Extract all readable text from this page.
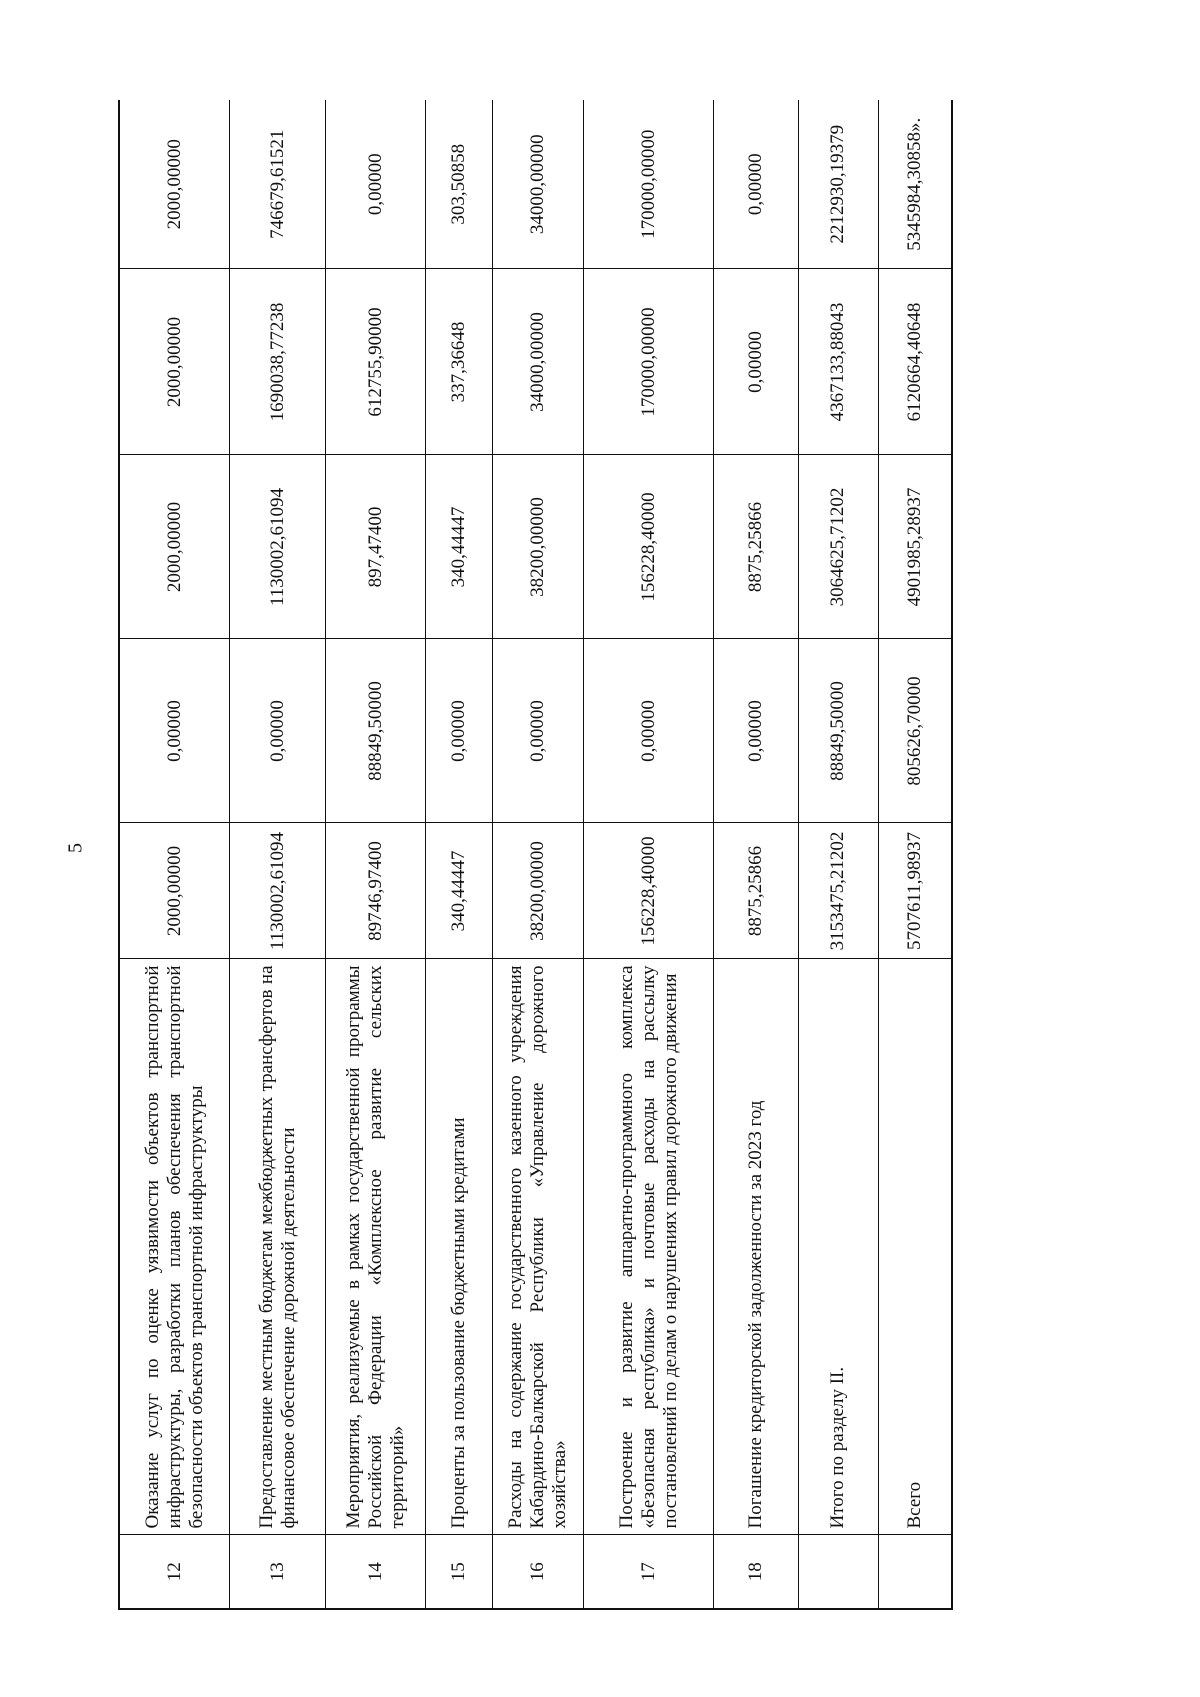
5
12	Оказание услуг по оценке уязвимости объектов транспортной инфраструктуры, разработки планов обеспечения транспортной безопасности объектов транспортной инфраструктуры	2000,00000	0,00000	2000,00000	2000,00000	2000,00000
13	Предоставление местным бюджетам межбюджетных трансфертов на финансовое обеспечение дорожной деятельности	1130002,61094	0,00000	1130002,61094	1690038,77238	746679,61521
14	Мероприятия, реализуемые в рамках государственной программы Российской Федерации «Комплексное развитие сельских территорий»	89746,97400	88849,50000	897,47400	612755,90000	0,00000
15	Проценты за пользование бюджетными кредитами	340,44447	0,00000	340,44447	337,36648	303,50858
16	Расходы на содержание государственного казенного учреждения Кабардино-Балкарской Республики «Управление дорожного хозяйства»	38200,00000	0,00000	38200,00000	34000,00000	34000,00000
17	Построение и развитие аппаратно-программного комплекса «Безопасная республика» и почтовые расходы на рассылку постановлений по делам о нарушениях правил дорожного движения	156228,40000	0,00000	156228,40000	170000,00000	170000,00000
18	Погашение кредиторской задолженности за 2023 год	8875,25866	0,00000	8875,25866	0,00000	0,00000
	Итого по разделу II.	3153475,21202	88849,50000	3064625,71202	4367133,88043	2212930,19379
	Всего	5707611,98937	805626,70000	4901985,28937	6120664,40648	5345984,30858».
